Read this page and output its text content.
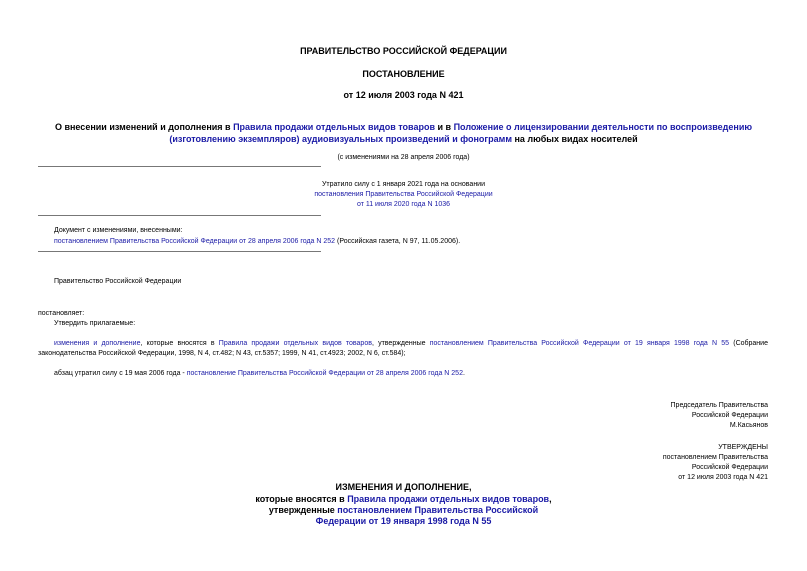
ПРАВИТЕЛЬСТВО РОССИЙСКОЙ ФЕДЕРАЦИИ
ПОСТАНОВЛЕНИЕ
от 12 июля 2003 года N 421
О внесении изменений и дополнения в Правила продажи отдельных видов товаров и в Положение о лицензировании деятельности по воспроизведению
(изготовлению экземпляров) аудиовизуальных произведений и фонограмм на любых видах носителей
(с изменениями на 28 апреля 2006 года)
Утратило силу с 1 января 2021 года на основании
постановления Правительства Российской Федерации
от 11 июля 2020 года N 1036
Документ с изменениями, внесенными:
постановлением Правительства Российской Федерации от 28 апреля 2006 года N 252 (Российская газета, N 97, 11.05.2006).
Правительство Российской Федерации
постановляет:
Утвердить прилагаемые:
изменения и дополнение, которые вносятся в Правила продажи отдельных видов товаров, утвержденные постановлением Правительства Российской Федерации от 19 января 1998 года N 55 (Собрание
законодательства Российской Федерации, 1998, N 4, ст.482; N 43, ст.5357; 1999, N 41, ст.4923; 2002, N 6, ст.584);
абзац утратил силу с 19 мая 2006 года - постановление Правительства Российской Федерации от 28 апреля 2006 года N 252.
Председатель Правительства
Российской Федерации
М.Касьянов
УТВЕРЖДЕНЫ
постановлением Правительства
Российской Федерации
от 12 июля 2003 года N 421
ИЗМЕНЕНИЯ И ДОПОЛНЕНИЕ,
которые вносятся в Правила продажи отдельных видов товаров,
утвержденные постановлением Правительства Российской
Федерации от 19 января 1998 года N 55
